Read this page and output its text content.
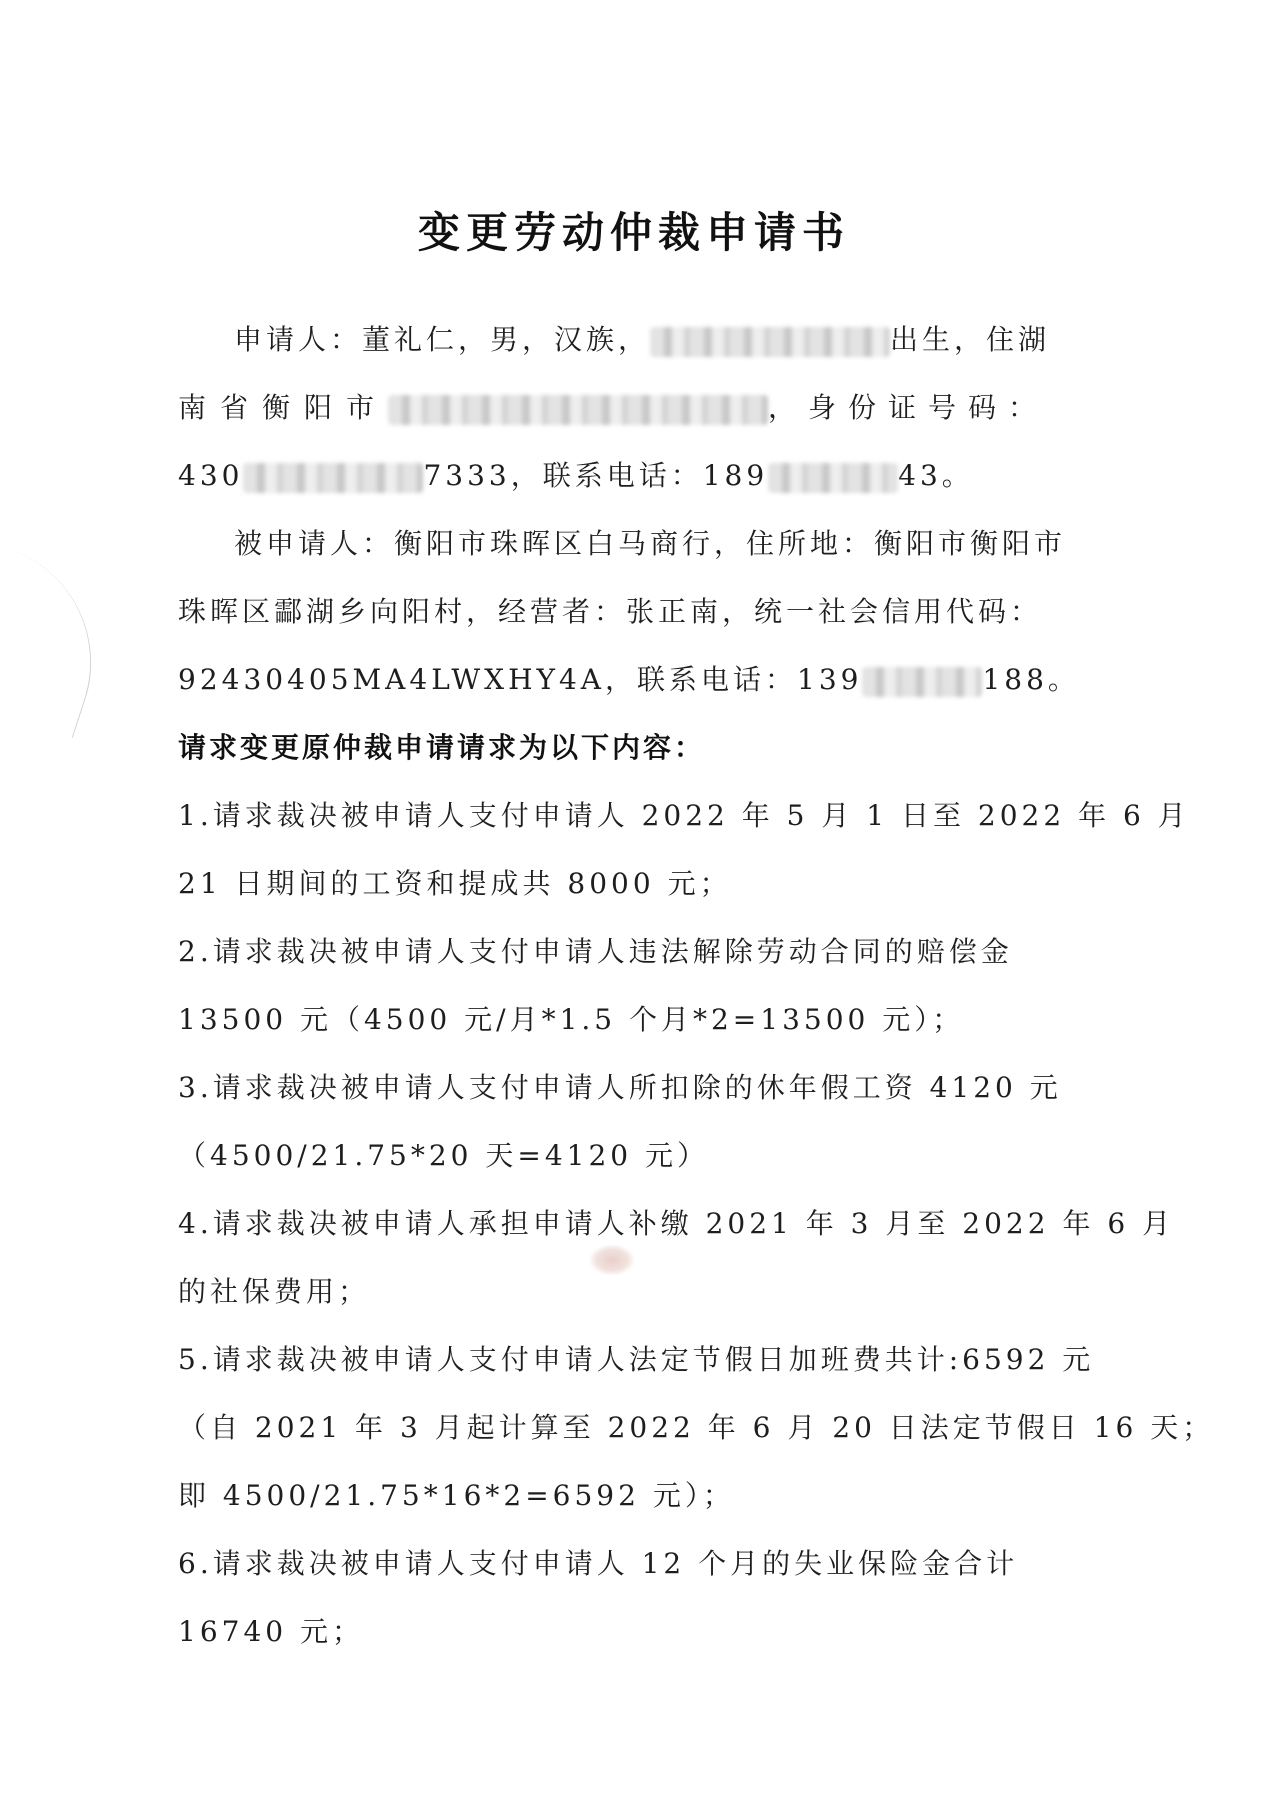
变更劳动仲裁申请书
申请人：董礼仁，男，汉族，	出生，住湖
南省衡阳市	，身份证号码：
430	7333，联系电话：189	43。
被申请人：衡阳市珠晖区白马商行，住所地：衡阳市衡阳市
珠晖区酃湖乡向阳村，经营者：张正南，统一社会信用代码：
92430405MA4LWXHY4A，联系电话：139	188。
请求变更原仲裁申请请求为以下内容：
1.请求裁决被申请人支付申请人 2022 年 5 月 1 日至 2022 年 6 月
21 日期间的工资和提成共 8000 元；
2.请求裁决被申请人支付申请人违法解除劳动合同的赔偿金
13500 元（4500 元/月*1.5 个月*2=13500 元）；
3.请求裁决被申请人支付申请人所扣除的休年假工资 4120 元
（4500/21.75*20 天=4120 元）
4.请求裁决被申请人承担申请人补缴 2021 年 3 月至 2022 年 6 月
的社保费用；
5.请求裁决被申请人支付申请人法定节假日加班费共计:6592 元
（自 2021 年 3 月起计算至 2022 年 6 月 20 日法定节假日 16 天；
即 4500/21.75*16*2=6592 元）；
6.请求裁决被申请人支付申请人 12 个月的失业保险金合计
16740 元；
